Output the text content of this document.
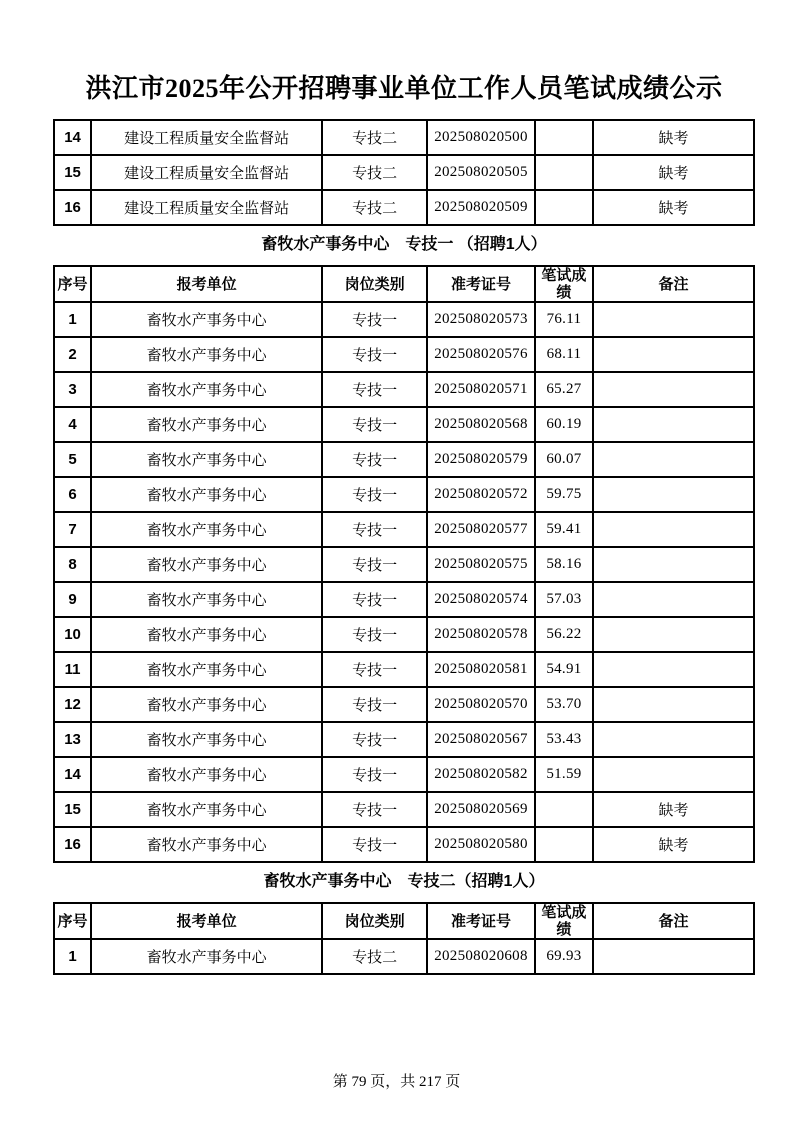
洪江市2025年公开招聘事业单位工作人员笔试成绩公示
14	建设工程质量安全监督站	专技二	202508020500		缺考
15	建设工程质量安全监督站	专技二	202508020505		缺考
16	建设工程质量安全监督站	专技二	202508020509		缺考
畜牧水产事务中心　专技一 （招聘1人）
序号	报考单位	岗位类别	准考证号	笔试成绩	备注
1	畜牧水产事务中心	专技一	202508020573	76.11	
2	畜牧水产事务中心	专技一	202508020576	68.11	
3	畜牧水产事务中心	专技一	202508020571	65.27	
4	畜牧水产事务中心	专技一	202508020568	60.19	
5	畜牧水产事务中心	专技一	202508020579	60.07	
6	畜牧水产事务中心	专技一	202508020572	59.75	
7	畜牧水产事务中心	专技一	202508020577	59.41	
8	畜牧水产事务中心	专技一	202508020575	58.16	
9	畜牧水产事务中心	专技一	202508020574	57.03	
10	畜牧水产事务中心	专技一	202508020578	56.22	
11	畜牧水产事务中心	专技一	202508020581	54.91	
12	畜牧水产事务中心	专技一	202508020570	53.70	
13	畜牧水产事务中心	专技一	202508020567	53.43	
14	畜牧水产事务中心	专技一	202508020582	51.59	
15	畜牧水产事务中心	专技一	202508020569		缺考
16	畜牧水产事务中心	专技一	202508020580		缺考
畜牧水产事务中心　专技二（招聘1人）
序号	报考单位	岗位类别	准考证号	笔试成绩	备注
1	畜牧水产事务中心	专技二	202508020608	69.93	
第 79 页，共 217 页
